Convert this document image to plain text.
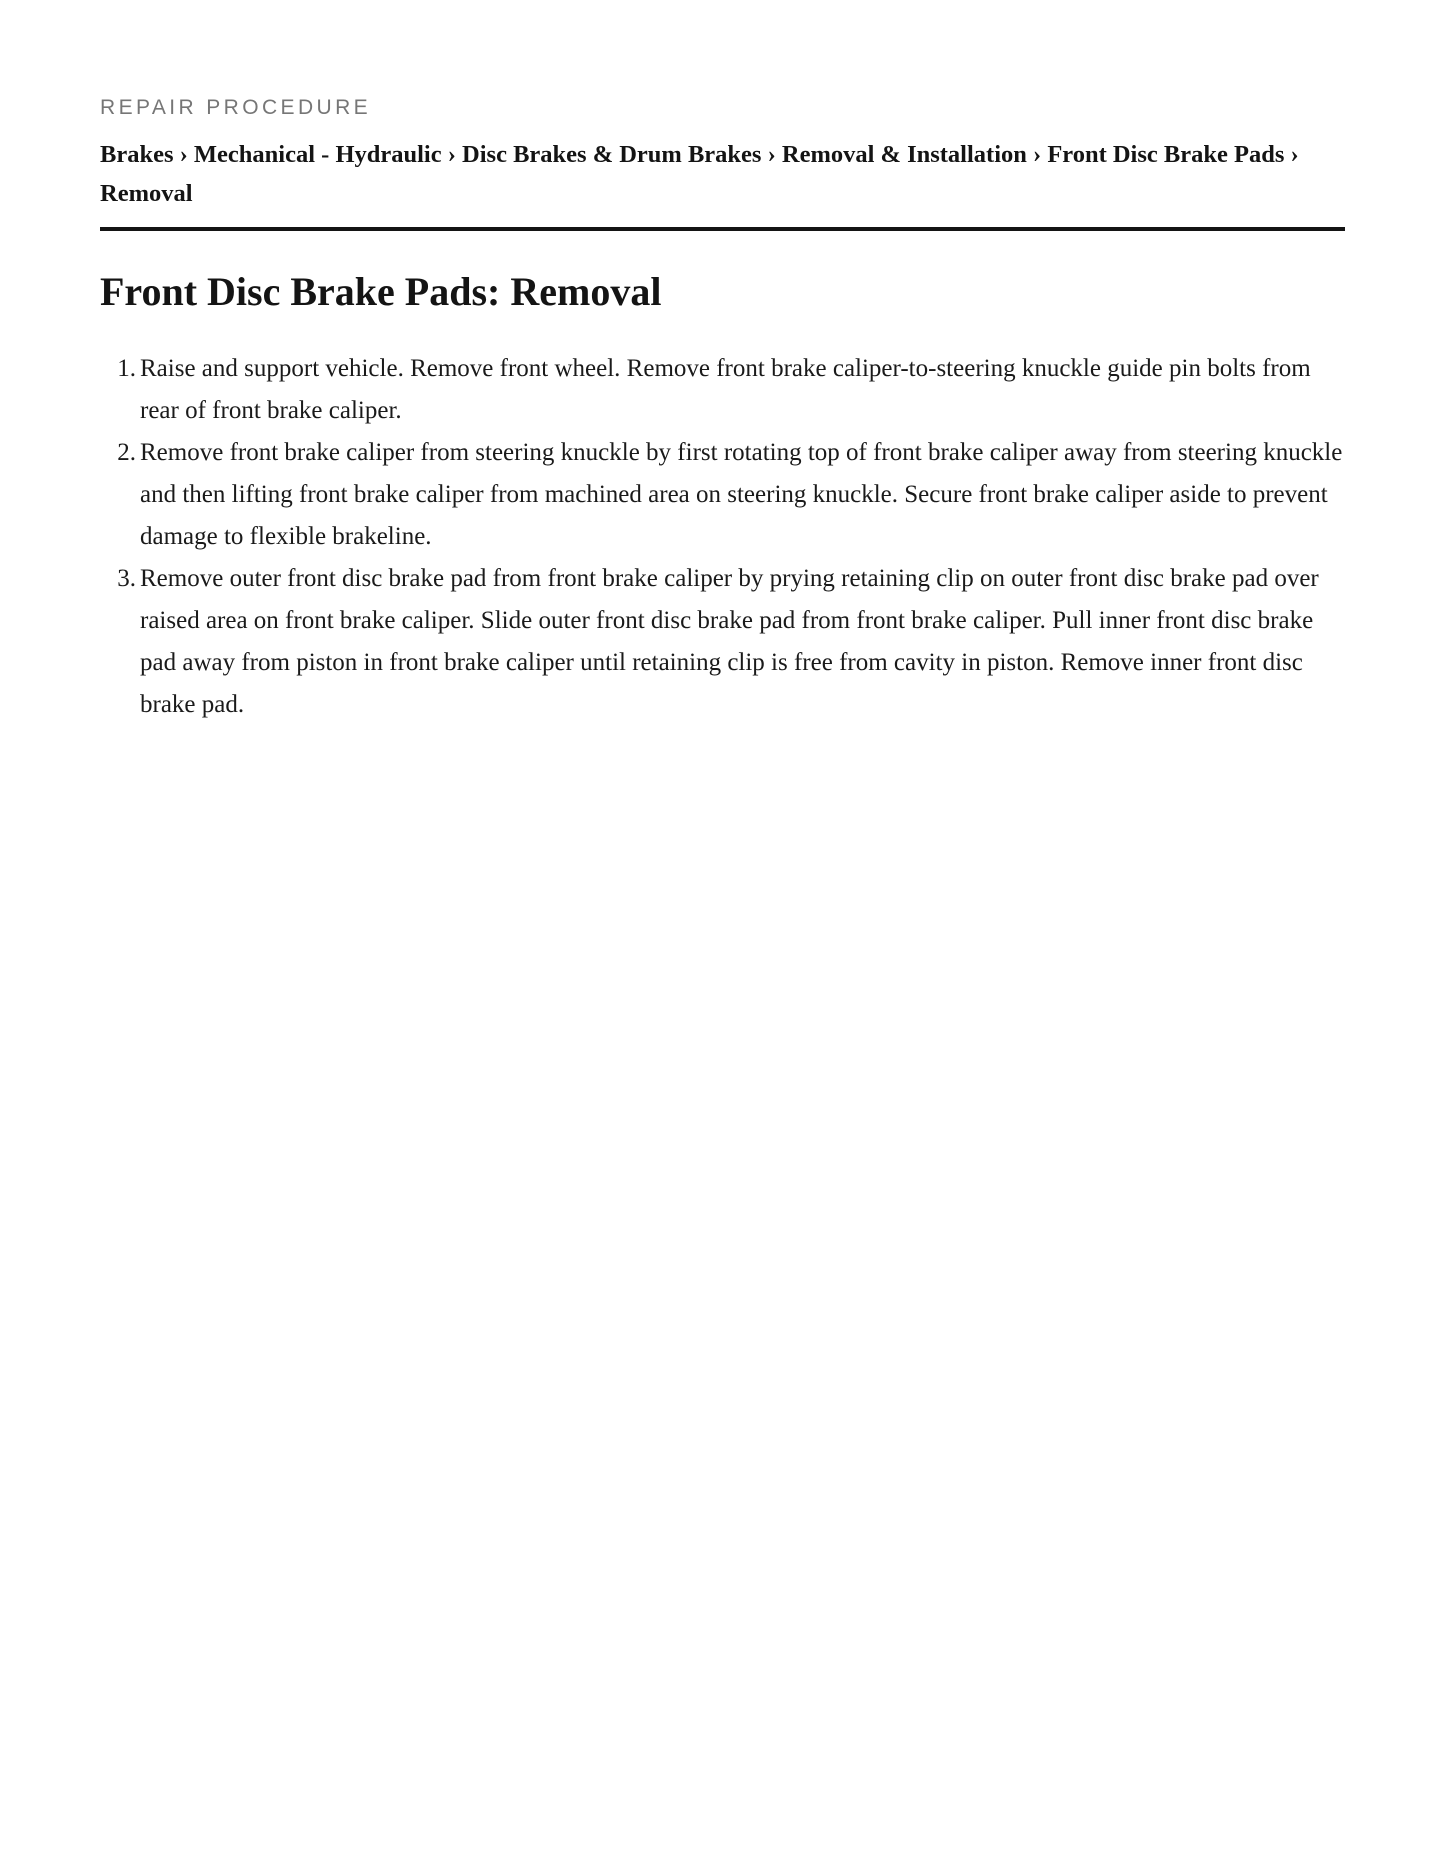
REPAIR PROCEDURE
Brakes › Mechanical - Hydraulic › Disc Brakes & Drum Brakes › Removal & Installation › Front Disc Brake Pads › Removal
Front Disc Brake Pads: Removal
1. Raise and support vehicle. Remove front wheel. Remove front brake caliper-to-steering knuckle guide pin bolts from rear of front brake caliper.
2. Remove front brake caliper from steering knuckle by first rotating top of front brake caliper away from steering knuckle and then lifting front brake caliper from machined area on steering knuckle. Secure front brake caliper aside to prevent damage to flexible brakeline.
3. Remove outer front disc brake pad from front brake caliper by prying retaining clip on outer front disc brake pad over raised area on front brake caliper. Slide outer front disc brake pad from front brake caliper. Pull inner front disc brake pad away from piston in front brake caliper until retaining clip is free from cavity in piston. Remove inner front disc brake pad.
